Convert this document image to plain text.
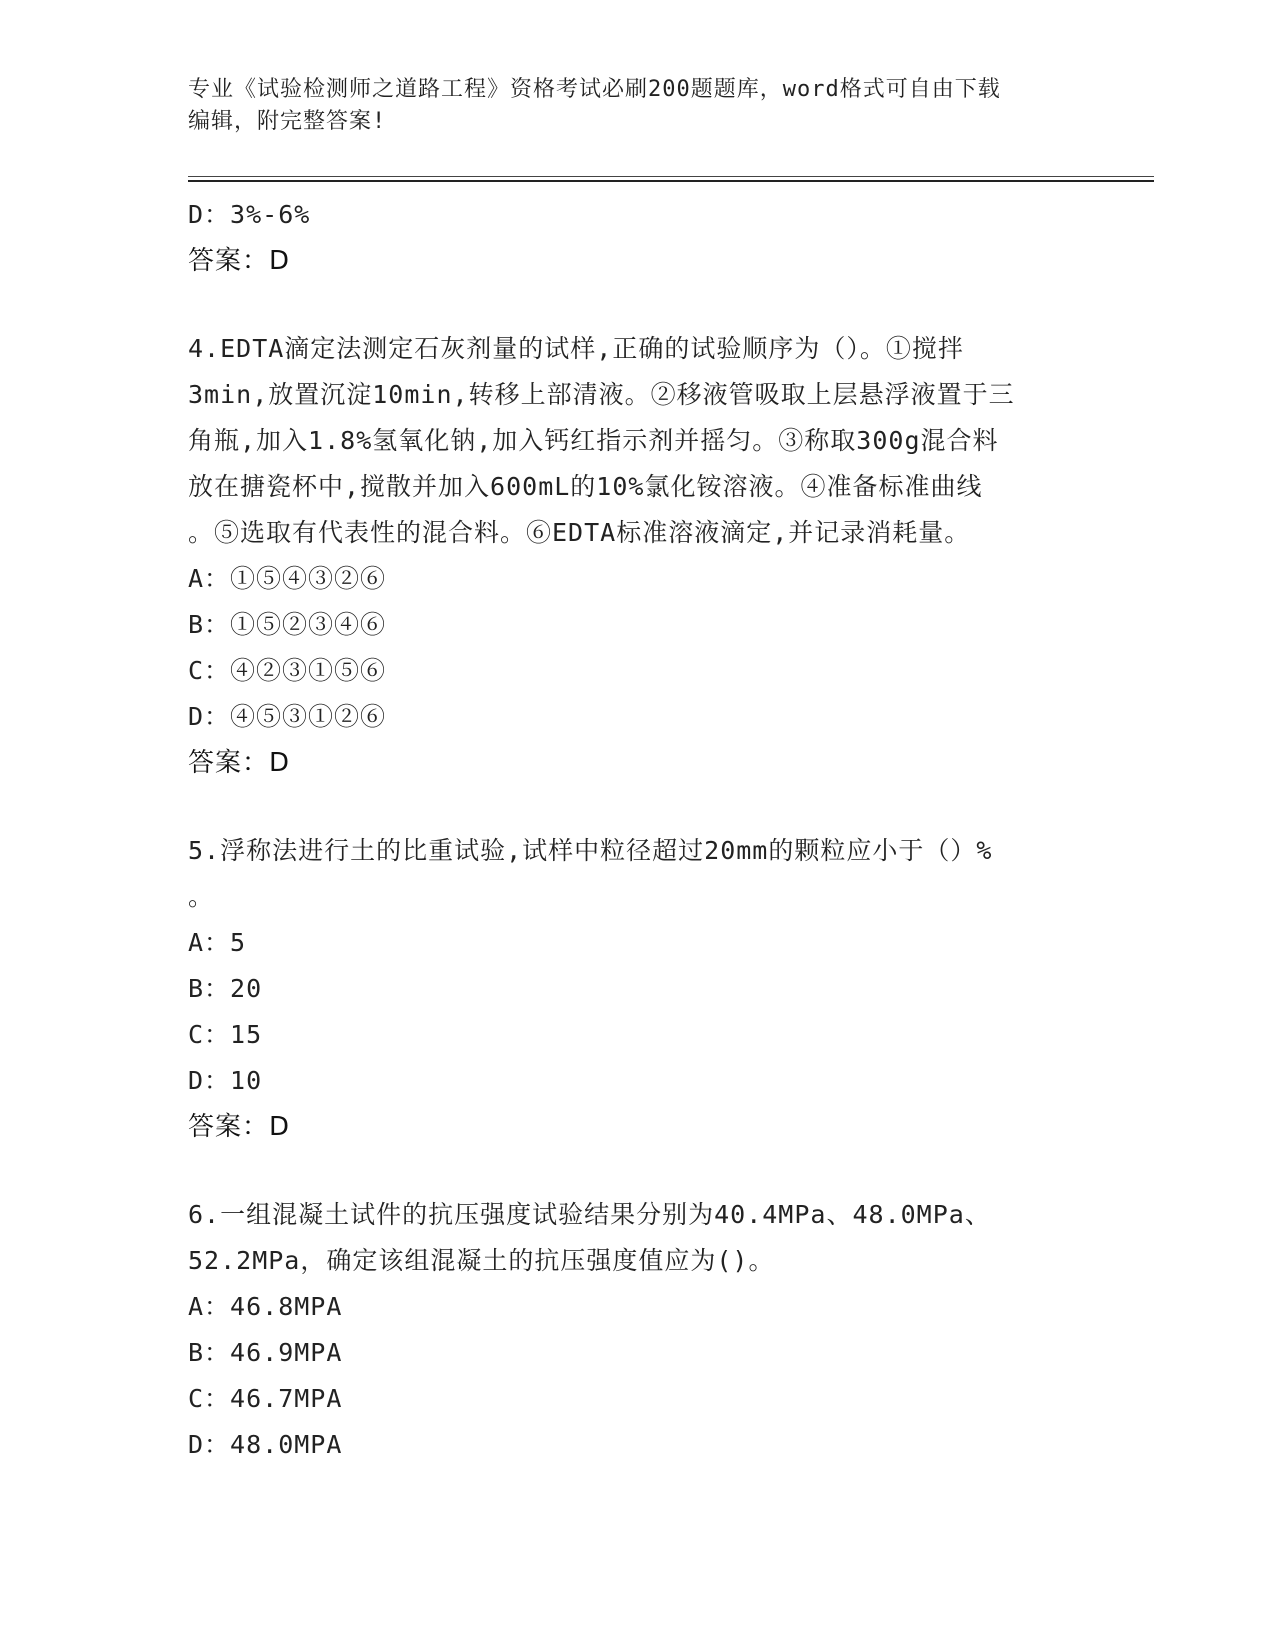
专业《试验检测师之道路工程》资格考试必刷200题题库，word格式可自由下载
编辑，附完整答案!
D：3%-6%
答案：D
4.EDTA滴定法测定石灰剂量的试样,正确的试验顺序为（）。①搅拌
3min,放置沉淀10min,转移上部清液。②移液管吸取上层悬浮液置于三
角瓶,加入1.8%氢氧化钠,加入钙红指示剂并摇匀。③称取300g混合料
放在搪瓷杯中,搅散并加入600mL的10%氯化铵溶液。④准备标准曲线
。⑤选取有代表性的混合料。⑥EDTA标准溶液滴定,并记录消耗量。
A：①⑤④③②⑥
B：①⑤②③④⑥
C：④②③①⑤⑥
D：④⑤③①②⑥
答案：D
5.浮称法进行土的比重试验,试样中粒径超过20mm的颗粒应小于（）%
。
A：5
B：20
C：15
D：10
答案：D
6.一组混凝土试件的抗压强度试验结果分别为40.4MPa、48.0MPa、
52.2MPa，确定该组混凝土的抗压强度值应为()。
A：46.8MPA
B：46.9MPA
C：46.7MPA
D：48.0MPA
